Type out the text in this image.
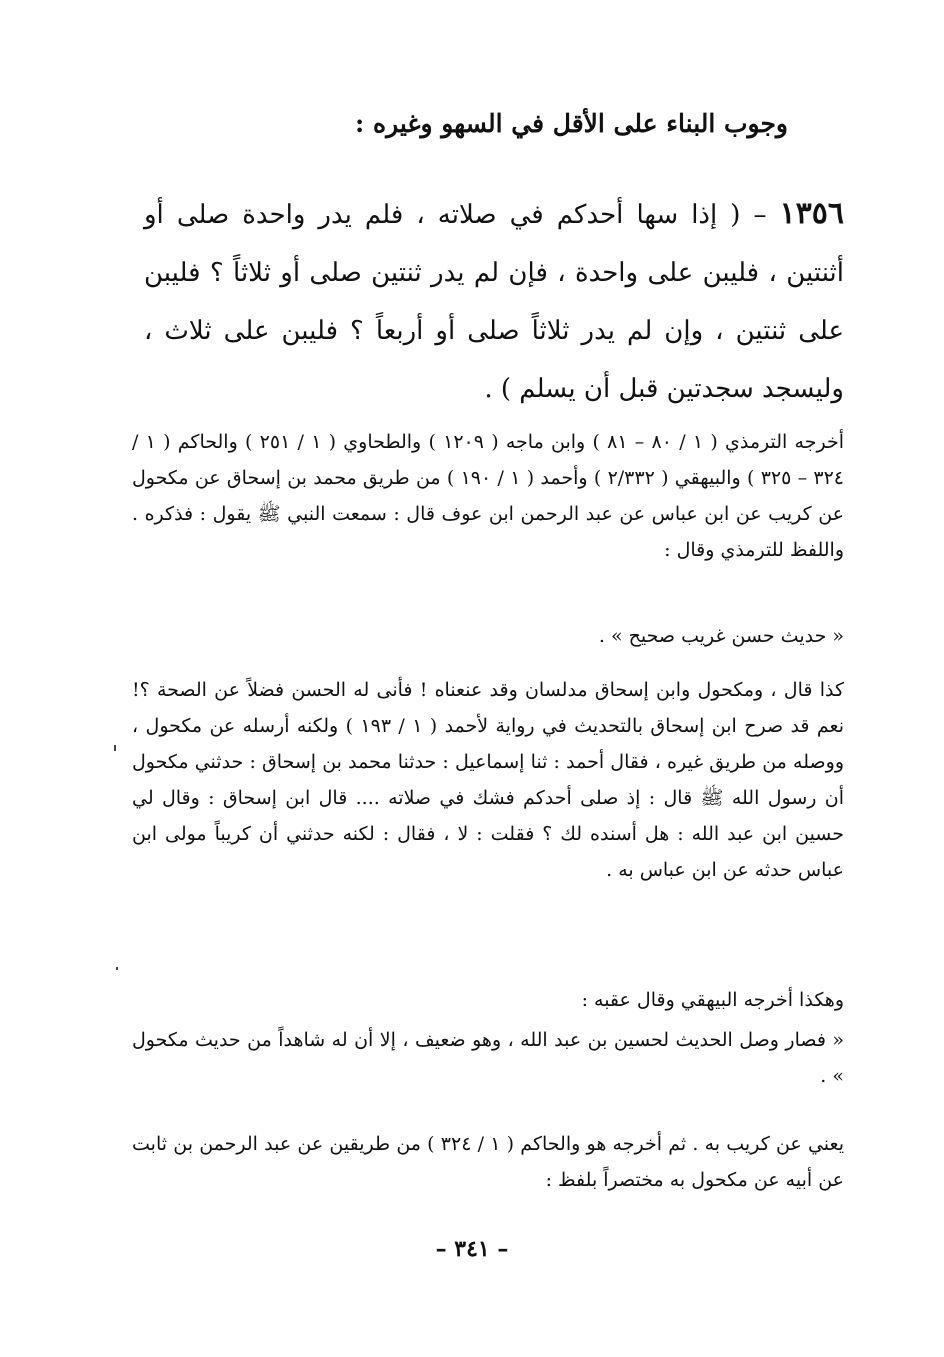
وجوب البناء على الأقل في السهو وغيره :
١٣٥٦ – ( إذا سها أحدكم في صلاته ، فلم يدر واحدة صلى أو أثنتين ، فليبن على واحدة ، فإن لم يدر ثنتين صلى أو ثلاثاً ؟ فليبن على ثنتين ، وإن لم يدر ثلاثاً صلى أو أربعاً ؟ فليبن على ثلاث ، وليسجد سجدتين قبل أن يسلم ) .
أخرجه الترمذي ( ١ / ٨٠ – ٨١ ) وابن ماجه ( ١٢٠٩ ) والطحاوي ( ١ / ٢٥١ ) والحاكم ( ١ / ٣٢٤ – ٣٢٥ ) والبيهقي ( ٢/٣٣٢ ) وأحمد ( ١ / ١٩٠ ) من طريق محمد بن إسحاق عن مكحول عن كريب عن ابن عباس عن عبد الرحمن ابن عوف قال : سمعت النبي ﷺ يقول : فذكره . واللفظ للترمذي وقال :
« حديث حسن غريب صحيح » .
كذا قال ، ومكحول وابن إسحاق مدلسان وقد عنعناه ! فأنى له الحسن فضلاً عن الصحة ؟! نعم قد صرح ابن إسحاق بالتحديث في رواية لأحمد ( ١ / ١٩٣ ) ولكنه أرسله عن مكحول ، ووصله من طريق غيره ، فقال أحمد : ثنا إسماعيل : حدثنا محمد بن إسحاق : حدثني مكحول أن رسول الله ﷺ قال : إذ صلى أحدكم فشك في صلاته .... قال ابن إسحاق : وقال لي حسين ابن عبد الله : هل أسنده لك ؟ فقلت : لا ، فقال : لكنه حدثني أن كريباً مولى ابن عباس حدثه عن ابن عباس به .
وهكذا أخرجه البيهقي وقال عقبه :
« فصار وصل الحديث لحسين بن عبد الله ، وهو ضعيف ، إلا أن له شاهداً من حديث مكحول » .
يعني عن كريب به . ثم أخرجه هو والحاكم ( ١ / ٣٢٤ ) من طريقين عن عبد الرحمن بن ثابت عن أبيه عن مكحول به مختصراً بلفظ :
– ٣٤١ –
